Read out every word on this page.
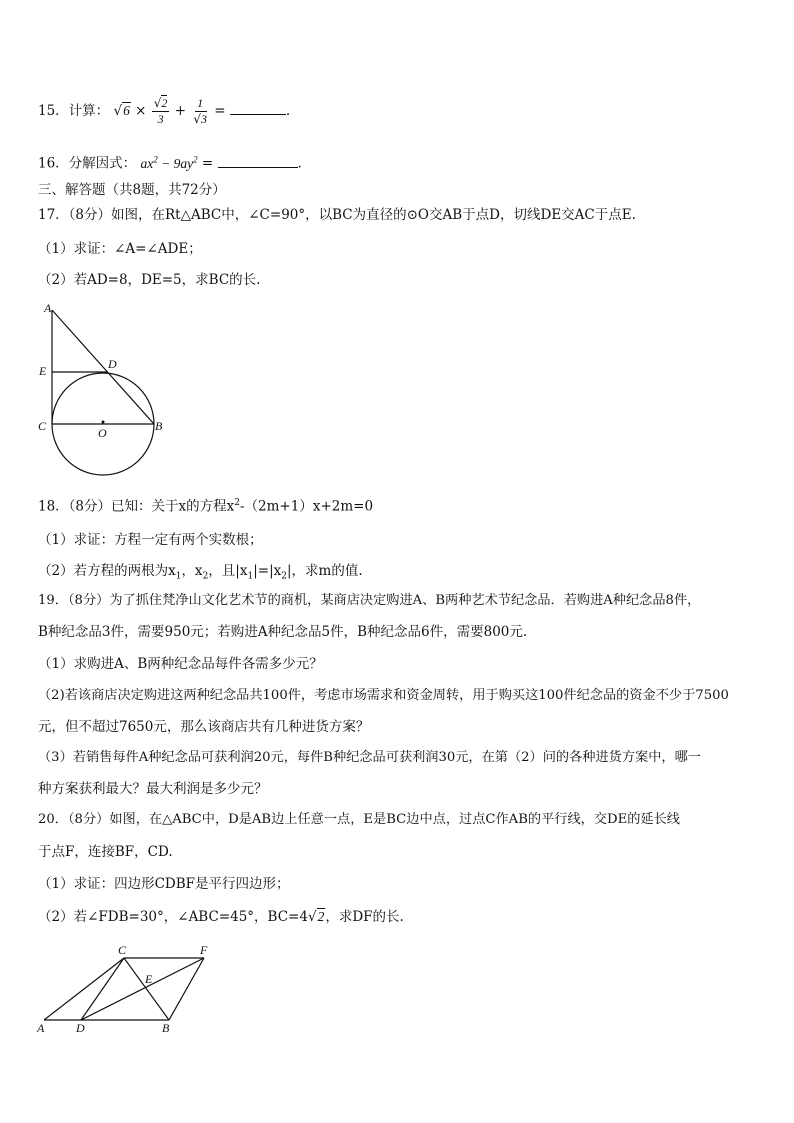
15．计算： $√6 \times \frac{√2}{3} + \frac{1}{√3}$ =	.
16．分解因式： $ax^2 - 9ay^2$ =	.
三、解答题（共8题，共72分）
17．（8分）如图，在Rt△ABC中，∠C=90°，以BC为直径的⊙O交AB于点D，切线DE交AC于点E.
（1）求证：∠A=∠ADE；
（2）若AD=8，DE=5，求BC的长.
A
E
C
D
O	B
18．（8分）已知：关于x的方程$x^2-(2m+1)x+2m=0$
（1）求证：方程一定有两个实数根；
（2）若方程的两根为$x_1$，$x_2$，且$|x_1|=|x_2|$，求m的值.
19．（8分）为了抓住梵净山文化艺术节的商机，某商店决定购进A、B两种艺术节纪念品．若购进A种纪念品8件，
B种纪念品3件，需要950元；若购进A种纪念品5件，B种纪念品6件，需要800元.
（1）求购进A、B两种纪念品每件各需多少元？
（2)若该商店决定购进这两种纪念品共100件，考虑市场需求和资金周转，用于购买这100件纪念品的资金不少于7500
元，但不超过7650元，那么该商店共有几种进货方案？
（3）若销售每件A种纪念品可获利润20元，每件B种纪念品可获利润30元，在第（2）问的各种进货方案中，哪一
种方案获利最大？最大利润是多少元？
20．（8分）如图，在△ABC中，D是AB边上任意一点，E是BC边中点，过点C作AB的平行线，交DE的延长线
于点F，连接BF，CD.
（1）求证：四边形CDBF是平行四边形；
（2）若∠FDB=30°，∠ABC=45°，BC=4√2，求DF的长.
C	F
E
A	D	B
